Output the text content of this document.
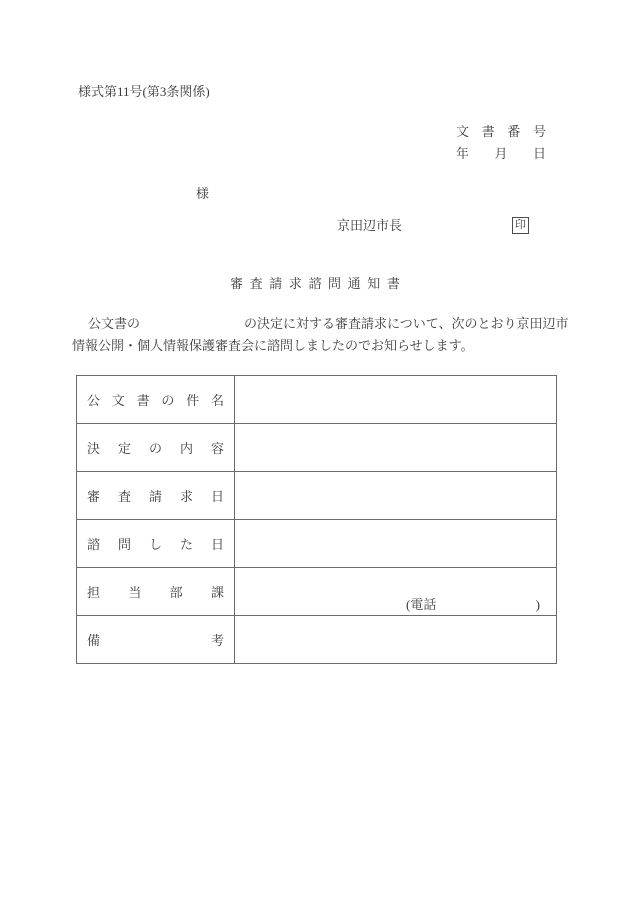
様式第11号(第3条関係)
文 書 番 号
年 月 日
様
京田辺市長	印
審 査 請 求 諮 問 通 知 書
公文書の	の決定に対する審査請求について、次のとおり京田辺市
情報公開・個人情報保護審査会に諮問しましたのでお知らせします。
公 文 書 の 件 名

決 定 の 内 容	

審 査 請 求 日	

諮 問 し た 日	

担 当 部 課	(電話 )

備 考	
